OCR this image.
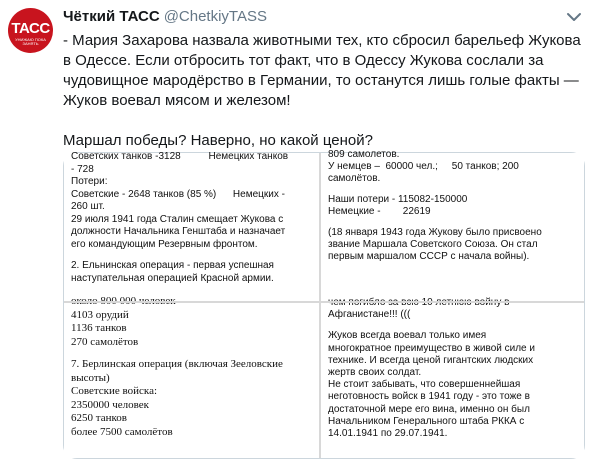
ТАСС
УНИЖАЮ ПОКА ЗАНЯТЬ
Чёткий ТАСС @ChetkiyTASS

- Мария Захарова назвала животными тех, кто сбросил барельеф Жукова в Одессе. Если отбросить тот факт, что в Одессу Жукова сослали за чудовищное мародёрство в Германии, то останутся лишь голые факты — Жуков воевал мясом и железом!

Маршал победы? Наверно, но какой ценой?

Советских танков -3128          Немецких танков
- 728
Потери:
Советские - 2648 танков (85 %)      Немецких -
260 шт.
29 июля 1941 года Сталин смещает Жукова с
должности Начальника Генштаба и назначает
его командующим Резервным фронтом.
2. Ельнинская операция - первая успешная
наступательная операцией Красной армии.
809 самолетов.
У немцев –  60000 чел.;     50 танков; 200
самолётов.
Наши потери - 115082-150000
Немецкие -        22619
(18 января 1943 года Жукову было присвоено
звание Маршала Советского Союза. Он стал
первым маршалом СССР с начала войны).
4103 орудий
1136 танков
270 самолётов
7. Берлинская операция (включая Зееловские
высоты)
Советские войска:
2350000 человек
6250 танков
более 7500 самолётов
Афганистане!!! (((
Жуков всегда воевал только имея
многократное преимущество в живой силе и
технике. И всегда ценой гигантских людских
жертв своих солдат.
Не стоит забывать, что совершеннейшая
неготовность войск в 1941 году - это тоже в
достаточной мере его вина, именно он был
Начальником Генерального штаба РККА с
14.01.1941 по 29.07.1941.
